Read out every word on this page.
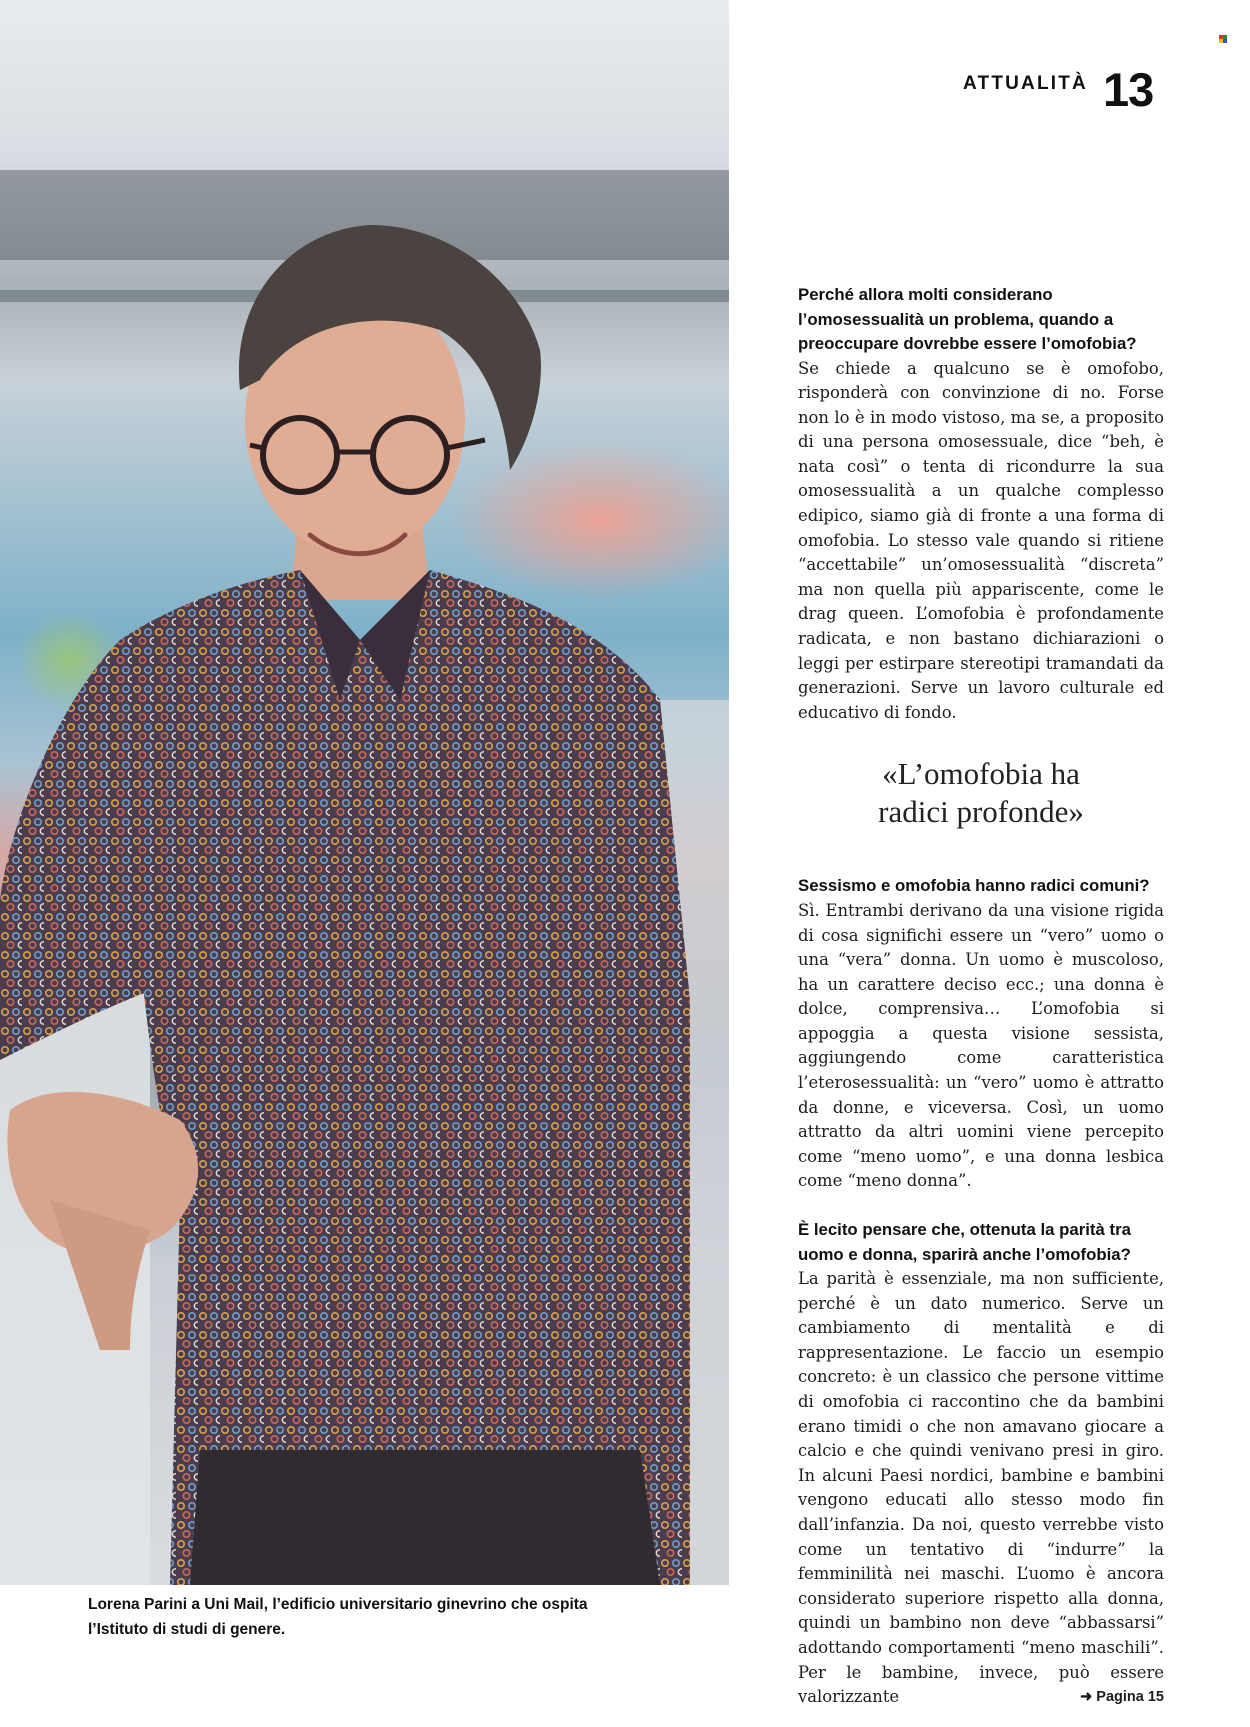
Lorena Parini a Uni Mail, l’edificio universitario ginevrino che ospita
l’Istituto di studi di genere.
ATTUALITÀ 13

Perché allora molti considerano l’omosessualità un problema, quando a preoccupare dovrebbe essere l’omofobia?

Se chiede a qualcuno se è omofobo, risponderà con convinzione di no. Forse non lo è in modo vistoso, ma se, a proposito di una persona omosessuale, dice “beh, è nata così” o tenta di ricondurre la sua omosessualità a un qualche complesso edipico, siamo già di fronte a una forma di omofobia. Lo stesso vale quando si ritiene “accettabile” un’omosessualità “discreta” ma non quella più appariscente, come le drag queen. L’omofobia è profondamente radicata, e non bastano dichiarazioni o leggi per estirpare stereotipi tramandati da generazioni. Serve un lavoro culturale ed educativo di fondo.

«L’omofobia ha
radici profonde»

Sessismo e omofobia hanno radici comuni?

Sì. Entrambi derivano da una visione rigida di cosa significhi essere un “vero” uomo o una “vera” donna. Un uomo è muscoloso, ha un carattere deciso ecc.; una donna è dolce, comprensiva… L’omofobia si appoggia a questa visione sessista, aggiungendo come caratteristica l’eterosessualità: un “vero” uomo è attratto da donne, e viceversa. Così, un uomo attratto da altri uomini viene percepito come “meno uomo”, e una donna lesbica come “meno donna”.

È lecito pensare che, ottenuta la parità tra uomo e donna, sparirà anche l’omofobia?

La parità è essenziale, ma non sufficiente, perché è un dato numerico. Serve un cambiamento di mentalità e di rappresentazione. Le faccio un esempio concreto: è un classico che persone vittime di omofobia ci raccontino che da bambini erano timidi o che non amavano giocare a calcio e che quindi venivano presi in giro. In alcuni Paesi nordici, bambine e bambini vengono educati allo stesso modo fin dall’infanzia. Da noi, questo verrebbe visto come un tentativo di “indurre” la femminilità nei maschi. L’uomo è ancora considerato superiore rispetto alla donna, quindi un bambino non deve “abbassarsi” adottando comportamenti “meno maschili”. Per le bambine, invece, può essere valorizzante	➜ Pagina 15
